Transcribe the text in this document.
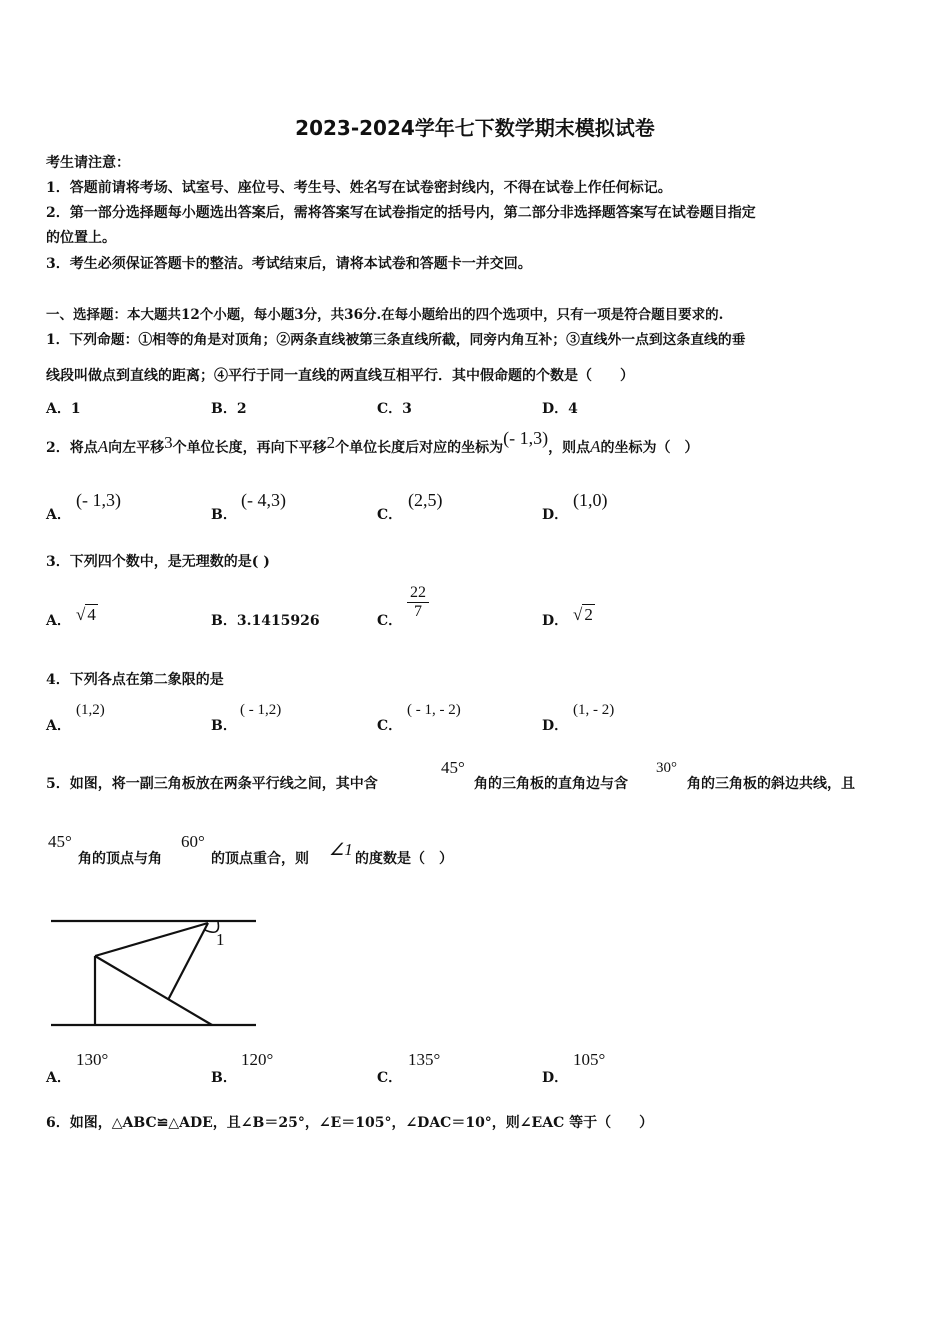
2023-2024学年七下数学期末模拟试卷
考生请注意：
1．答题前请将考场、试室号、座位号、考生号、姓名写在试卷密封线内，不得在试卷上作任何标记。
2．第一部分选择题每小题选出答案后，需将答案写在试卷指定的括号内，第二部分非选择题答案写在试卷题目指定
的位置上。
3．考生必须保证答题卡的整洁。考试结束后，请将本试卷和答题卡一并交回。
一、选择题：本大题共12个小题，每小题3分，共36分.在每小题给出的四个选项中，只有一项是符合题目要求的.
1．下列命题：①相等的角是对顶角；②两条直线被第三条直线所截，同旁内角互补；③直线外一点到这条直线的垂
线段叫做点到直线的距离；④平行于同一直线的两直线互相平行．其中假命题的个数是（　　）
A．1	B．2	C．3	D．4
2．将点A向左平移3个单位长度，再向下平移2个单位长度后对应的坐标为(- 1,3)，则点A的坐标为（　）
A．
(- 1,3)
B．
(- 4,3)
C．
(2,5)
D．
(1,0)
3．下列四个数中，是无理数的是( )
A． √ 4	B．3.1415926	C． $\frac{22}{7}$	D． √ 2
4．下列各点在第二象限的是
A．
(1,2)
B．
( - 1,2)
C．
( - 1, - 2)
D．
(1, - 2)
5．如图，将一副三角板放在两条平行线之间，其中含
45°
角的三角板的直角边与含
30°
角的三角板的斜边共线，且
45°
角的顶点与角
60°
的顶点重合，则 ∠1 的度数是（　）
1
A．
130°
B．
120°
C．
135°
D．
105°
6．如图，△ABC≌△ADE，且∠B＝25°，∠E＝105°，∠DAC＝10°，则∠EAC 等于（　　）
